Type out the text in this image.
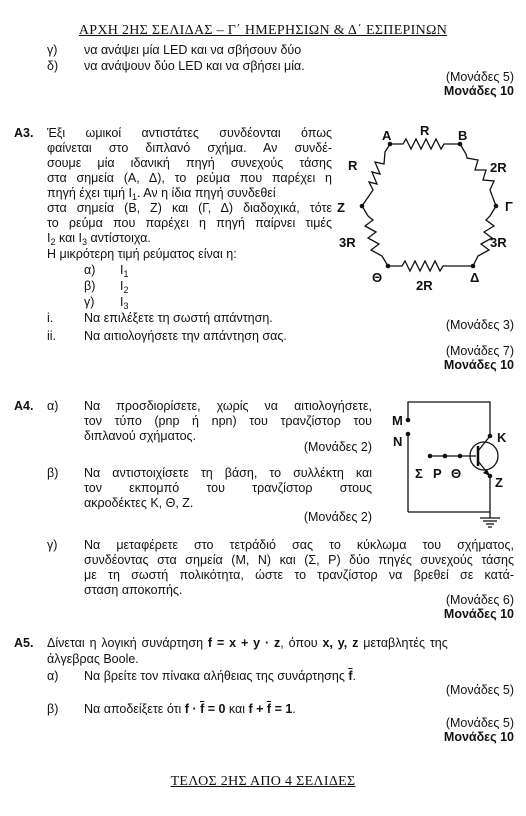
ΑΡΧΗ 2ΗΣ ΣΕΛΙΔΑΣ – Γ΄ ΗΜΕΡΗΣΙΩΝ & Δ΄ ΕΣΠΕΡΙΝΩΝ
γ) να ανάψει μία LED και να σβήσουν δύο
δ) να ανάψουν δύο LED και να σβήσει μία.
(Μονάδες 5)
Μονάδες 10
Α3. Έξι ωμικοί αντιστάτες συνδέονται όπως
φαίνεται στο διπλανό σχήμα. Αν συνδέ-
σουμε μία ιδανική πηγή συνεχούς τάσης
στα σημεία (Α, Δ), το ρεύμα που παρέχει η
πηγή έχει τιμή $I_1$. Αν η ίδια πηγή συνδεθεί
στα σημεία (Β, Ζ) και (Γ, Δ) διαδοχικά, τότε
το ρεύμα που παρέχει η πηγή παίρνει τιμές
$I_2$ και $I_3$ αντίστοιχα.
Η μικρότερη τιμή ρεύματος είναι η:
α) $I_1$
β) $I_2$
γ) $I_3$
i. Να επιλέξετε τη σωστή απάντηση.	(Μονάδες 3)
ii. Να αιτιολογήσετε την απάντηση σας.
(Μονάδες 7)
Μονάδες 10
Α	Β
Γ
Δ
Θ
Ζ
R
R	2R
3R	3R
2R
Α4. α) Να προσδιορίσετε, χωρίς να αιτιολογήσετε,
τον τύπο (pnp ή npn) του τρανζίστορ του
διπλανού σχήματος.
(Μονάδες 2)
β) Να αντιστοιχίσετε τη βάση, το συλλέκτη και
τον εκπομπό του τρανζίστορ στους
ακροδέκτες Κ, Θ, Ζ.
(Μονάδες 2)
γ) Να μεταφέρετε στο τετράδιό σας το κύκλωμα του σχήματος,
συνδέοντας στα σημεία (Μ, Ν) και (Σ, Ρ) δύο πηγές συνεχούς τάσης
με τη σωστή πολικότητα, ώστε το τρανζίστορ να βρεθεί σε κατά-
σταση αποκοπής.
(Μονάδες 6)
Μονάδες 10
Μ
Ν
Σ Ρ Θ
Κ
Ζ
Α5. Δίνεται η λογική συνάρτηση f = x + y · z, όπου x, y, z μεταβλητές της
άλγεβρας Boole.
α) Να βρείτε τον πίνακα αλήθειας της συνάρτησης $\overline{f}$.
(Μονάδες 5)
β) Να αποδείξετε ότι $f \cdot \overline{f} = 0$ και $f + \overline{f} = 1$.
(Μονάδες 5)
Μονάδες 10
ΤΕΛΟΣ 2ΗΣ ΑΠΟ 4 ΣΕΛΙΔΕΣ
